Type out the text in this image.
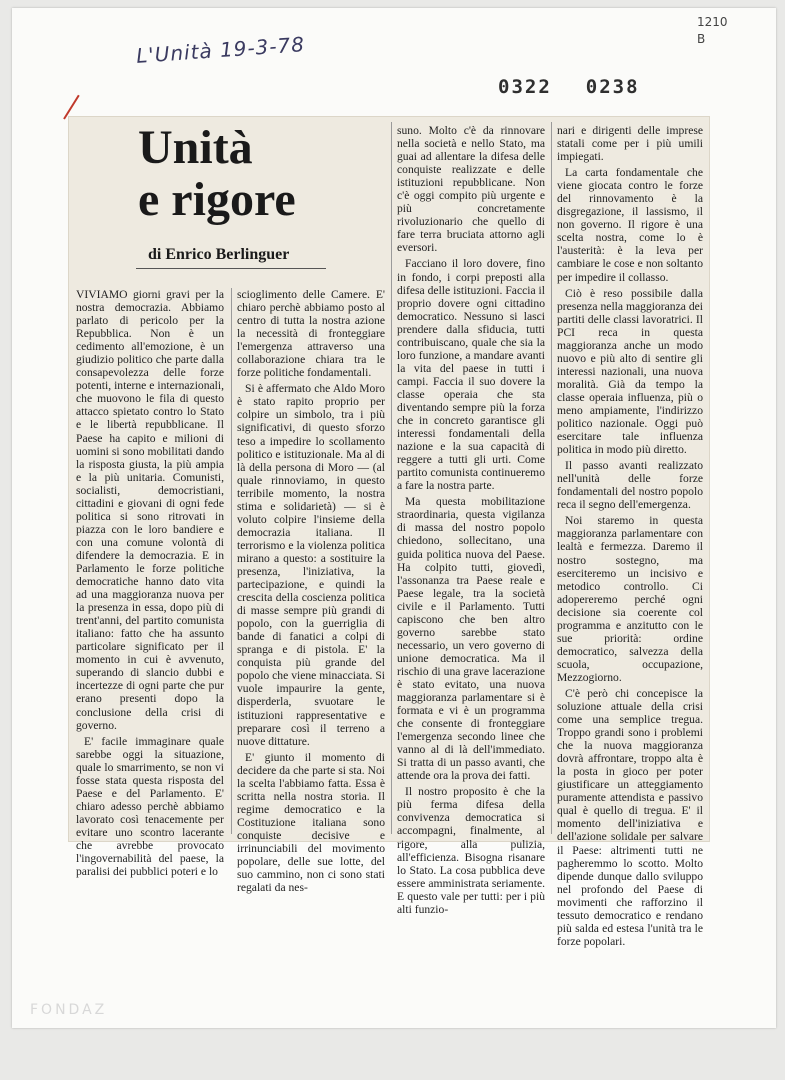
L'Unità 19-3-78
1210
B
0322 0238
Unità
e rigore
di Enrico Berlinguer

VIVIAMO giorni gravi per la nostra democrazia. Abbiamo parlato di pericolo per la Repubblica. Non è un cedimento all'emozione, è un giudizio politico che parte dalla consapevolezza delle forze potenti, interne e internazionali, che muovono le fila di questo attacco spietato contro lo Stato e le libertà repubblicane. Il Paese ha capito e milioni di uomini si sono mobilitati dando la risposta giusta, la più ampia e la più unitaria. Comunisti, socialisti, democristiani, cittadini e giovani di ogni fede politica si sono ritrovati in piazza con le loro bandiere e con una comune volontà di difendere la democrazia. E in Parlamento le forze politiche democratiche hanno dato vita ad una maggioranza nuova per la presenza in essa, dopo più di trent'anni, del partito comunista italiano: fatto che ha assunto particolare significato per il momento in cui è avvenuto, superando di slancio dubbi e incertezze di ogni parte che pur erano presenti dopo la conclusione della crisi di governo.

E' facile immaginare quale sarebbe oggi la situazione, quale lo smarrimento, se non vi fosse stata questa risposta del Paese e del Parlamento. E' chiaro adesso perchè abbiamo lavorato così tenacemente per evitare uno scontro lacerante che avrebbe provocato l'ingovernabilità del paese, la paralisi dei pubblici poteri e lo

scioglimento delle Camere. E' chiaro perchè abbiamo posto al centro di tutta la nostra azione la necessità di fronteggiare l'emergenza attraverso una collaborazione chiara tra le forze politiche fondamentali.

Si è affermato che Aldo Moro è stato rapito proprio per colpire un simbolo, tra i più significativi, di questo sforzo teso a impedire lo scollamento politico e istituzionale. Ma al di là della persona di Moro — (al quale rinnoviamo, in questo terribile momento, la nostra stima e solidarietà) — si è voluto colpire l'insieme della democrazia italiana. Il terrorismo e la violenza politica mirano a questo: a sostituire la presenza, l'iniziativa, la partecipazione, e quindi la crescita della coscienza politica di masse sempre più grandi di popolo, con la guerriglia di bande di fanatici a colpi di spranga e di pistola. E' la conquista più grande del popolo che viene minacciata. Si vuole impaurire la gente, disperderla, svuotare le istituzioni rappresentative e preparare così il terreno a nuove dittature.

E' giunto il momento di decidere da che parte si sta. Noi la scelta l'abbiamo fatta. Essa è scritta nella nostra storia. Il regime democratico e la Costituzione italiana sono conquiste decisive e irrinunciabili del movimento popolare, delle sue lotte, del suo cammino, non ci sono stati regalati da nes-

suno. Molto c'è da rinnovare nella società e nello Stato, ma guai ad allentare la difesa delle conquiste realizzate e delle istituzioni repubblicane. Non c'è oggi compito più urgente e più concretamente rivoluzionario che quello di fare terra bruciata attorno agli eversori.

Facciano il loro dovere, fino in fondo, i corpi preposti alla difesa delle istituzioni. Faccia il proprio dovere ogni cittadino democratico. Nessuno si lasci prendere dalla sfiducia, tutti contribuiscano, quale che sia la loro funzione, a mandare avanti la vita del paese in tutti i campi. Faccia il suo dovere la classe operaia che sta diventando sempre più la forza che in concreto garantisce gli interessi fondamentali della nazione e la sua capacità di reggere a tutti gli urti. Come partito comunista continueremo a fare la nostra parte.

Ma questa mobilitazione straordinaria, questa vigilanza di massa del nostro popolo chiedono, sollecitano, una guida politica nuova del Paese. Ha colpito tutti, giovedì, l'assonanza tra Paese reale e Paese legale, tra la società civile e il Parlamento. Tutti capiscono che ben altro governo sarebbe stato necessario, un vero governo di unione democratica. Ma il rischio di una grave lacerazione è stato evitato, una nuova maggioranza parlamentare si è formata e vi è un programma che consente di fronteggiare l'emergenza secondo linee che vanno al di là dell'immediato. Si tratta di un passo avanti, che attende ora la prova dei fatti.

Il nostro proposito è che la più ferma difesa della convivenza democratica si accompagni, finalmente, al rigore, alla pulizia, all'efficienza. Bisogna risanare lo Stato. La cosa pubblica deve essere amministrata seriamente. E questo vale per tutti: per i più alti funzio-

nari e dirigenti delle imprese statali come per i più umili impiegati.

La carta fondamentale che viene giocata contro le forze del rinnovamento è la disgregazione, il lassismo, il non governo. Il rigore è una scelta nostra, come lo è l'austerità: è la leva per cambiare le cose e non soltanto per impedire il collasso.

Ciò è reso possibile dalla presenza nella maggioranza dei partiti delle classi lavoratrici. Il PCI reca in questa maggioranza anche un modo nuovo e più alto di sentire gli interessi nazionali, una nuova moralità. Già da tempo la classe operaia influenza, più o meno ampiamente, l'indirizzo politico nazionale. Oggi può esercitare tale influenza politica in modo più diretto.

Il passo avanti realizzato nell'unità delle forze fondamentali del nostro popolo reca il segno dell'emergenza.

Noi staremo in questa maggioranza parlamentare con lealtà e fermezza. Daremo il nostro sostegno, ma eserciteremo un incisivo e metodico controllo. Ci adopereremo perché ogni decisione sia coerente col programma e anzitutto con le sue priorità: ordine democratico, salvezza della scuola, occupazione, Mezzogiorno.

C'è però chi concepisce la soluzione attuale della crisi come una semplice tregua. Troppo grandi sono i problemi che la nuova maggioranza dovrà affrontare, troppo alta è la posta in gioco per poter giustificare un atteggiamento puramente attendista e passivo qual è quello di tregua. E' il momento dell'iniziativa e dell'azione solidale per salvare il Paese: altrimenti tutti ne pagheremmo lo scotto. Molto dipende dunque dallo sviluppo nel profondo del Paese di movimenti che rafforzino il tessuto democratico e rendano più salda ed estesa l'unità tra le forze popolari.

FONDAZ
